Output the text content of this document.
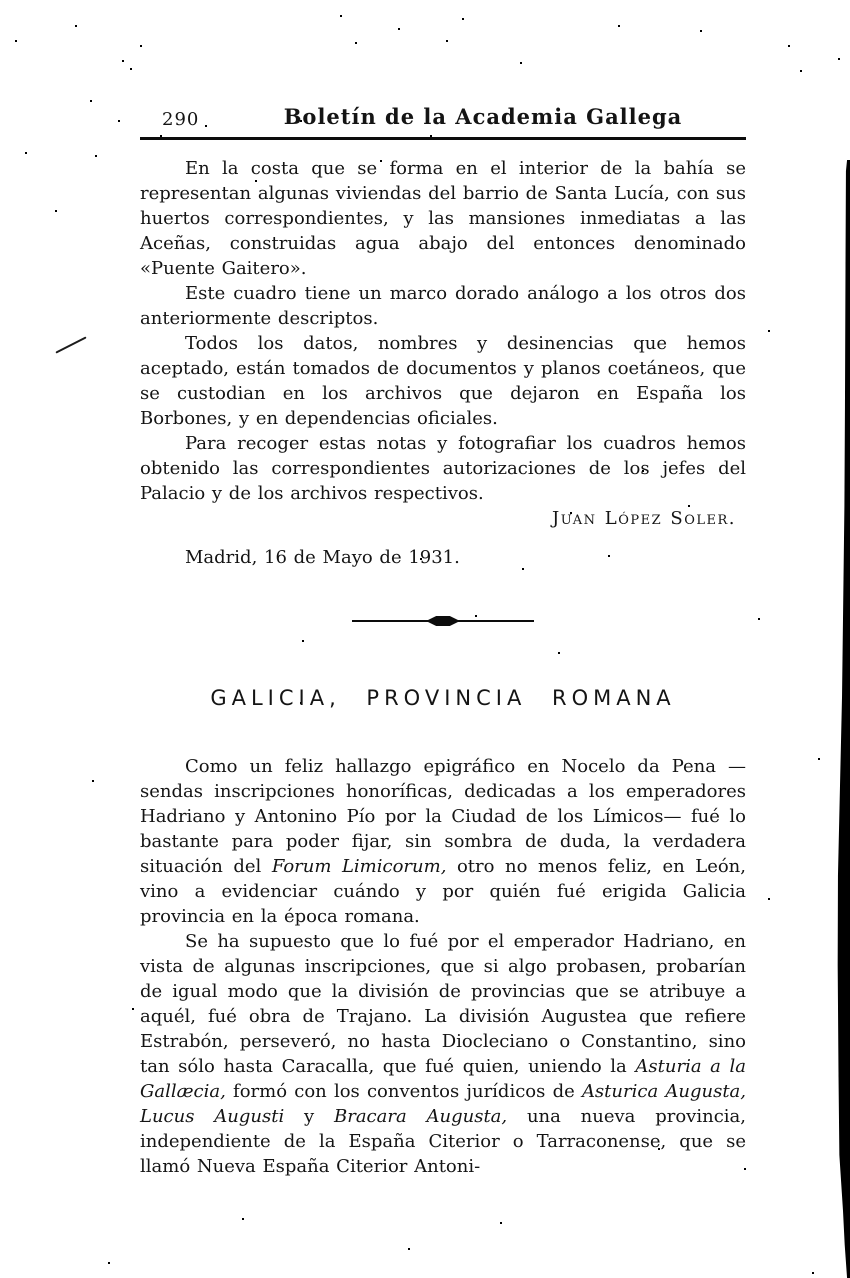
290	Boletín de la Academia Gallega

En la costa que se forma en el interior de la bahía se representan algunas viviendas del barrio de Santa Lucía, con sus huertos correspondientes, y las mansiones inmediatas a las Aceñas, construidas agua abajo del entonces denominado «Puente Gaitero».

Este cuadro tiene un marco dorado análogo a los otros dos anteriormente descriptos.

Todos los datos, nombres y desinencias que hemos aceptado, están tomados de documentos y planos coetáneos, que se custodian en los archivos que dejaron en España los Borbones, y en dependencias oficiales.

Para recoger estas notas y fotografiar los cuadros hemos obtenido las correspondientes autorizaciones de los jefes del Palacio y de los archivos respectivos.

Juan López Soler.

Madrid, 16 de Mayo de 1931.

GALICIA, PROVINCIA ROMANA

Como un feliz hallazgo epigráfico en Nocelo da Pena —sendas inscripciones honoríficas, dedicadas a los emperadores Hadriano y Antonino Pío por la Ciudad de los Límicos— fué lo bastante para poder fijar, sin sombra de duda, la verdadera situación del Forum Limicorum, otro no menos feliz, en León, vino a evidenciar cuándo y por quién fué erigida Galicia provincia en la época romana.

Se ha supuesto que lo fué por el emperador Hadriano, en vista de algunas inscripciones, que si algo probasen, probarían de igual modo que la división de provincias que se atribuye a aquél, fué obra de Trajano. La división Augustea que refiere Estrabón, perseveró, no hasta Diocleciano o Constantino, sino tan sólo hasta Caracalla, que fué quien, uniendo la Asturia a la Gallæcia, formó con los conventos jurídicos de Asturica Augusta, Lucus Augusti y Bracara Augusta, una nueva provincia, independiente de la España Citerior o Tarraconense, que se llamó Nueva España Citerior Antoni-
